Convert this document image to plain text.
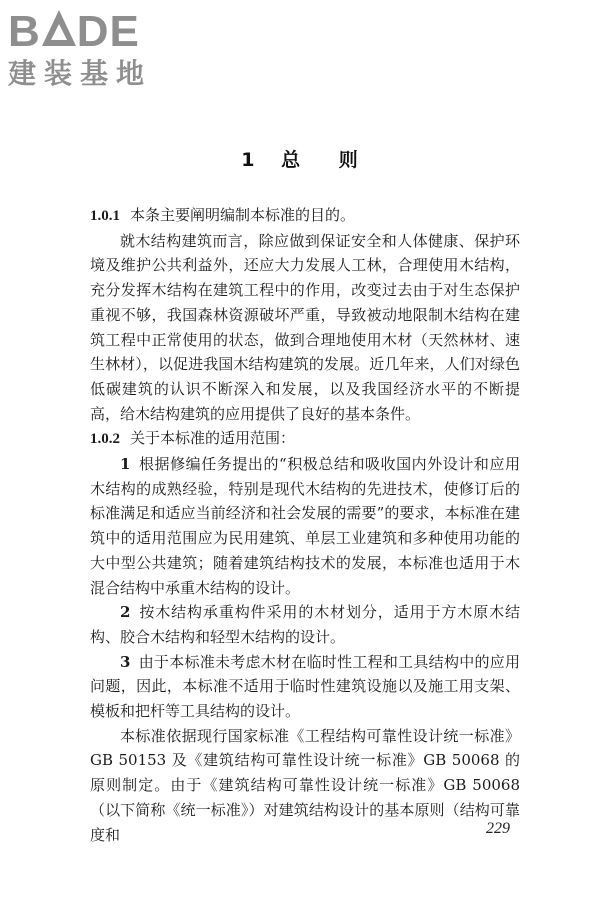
B DE
建装基地
1 总 则

1.0.1 本条主要阐明编制本标准的目的。

就木结构建筑而言，除应做到保证安全和人体健康、保护环境及维护公共利益外，还应大力发展人工林，合理使用木结构，充分发挥木结构在建筑工程中的作用，改变过去由于对生态保护重视不够，我国森林资源破坏严重，导致被动地限制木结构在建筑工程中正常使用的状态，做到合理地使用木材（天然林材、速生林材），以促进我国木结构建筑的发展。近几年来，人们对绿色低碳建筑的认识不断深入和发展，以及我国经济水平的不断提高，给木结构建筑的应用提供了良好的基本条件。

1.0.2 关于本标准的适用范围：

1 根据修编任务提出的“积极总结和吸收国内外设计和应用木结构的成熟经验，特别是现代木结构的先进技术，使修订后的标准满足和适应当前经济和社会发展的需要”的要求，本标准在建筑中的适用范围应为民用建筑、单层工业建筑和多种使用功能的大中型公共建筑；随着建筑结构技术的发展，本标准也适用于木混合结构中承重木结构的设计。

2 按木结构承重构件采用的木材划分，适用于方木原木结构、胶合木结构和轻型木结构的设计。

3 由于本标准未考虑木材在临时性工程和工具结构中的应用问题，因此，本标准不适用于临时性建筑设施以及施工用支架、模板和把杆等工具结构的设计。

本标准依据现行国家标准《工程结构可靠性设计统一标准》GB 50153 及《建筑结构可靠性设计统一标准》GB 50068 的原则制定。由于《建筑结构可靠性设计统一标准》GB 50068（以下简称《统一标准》）对建筑结构设计的基本原则（结构可靠度和	229
